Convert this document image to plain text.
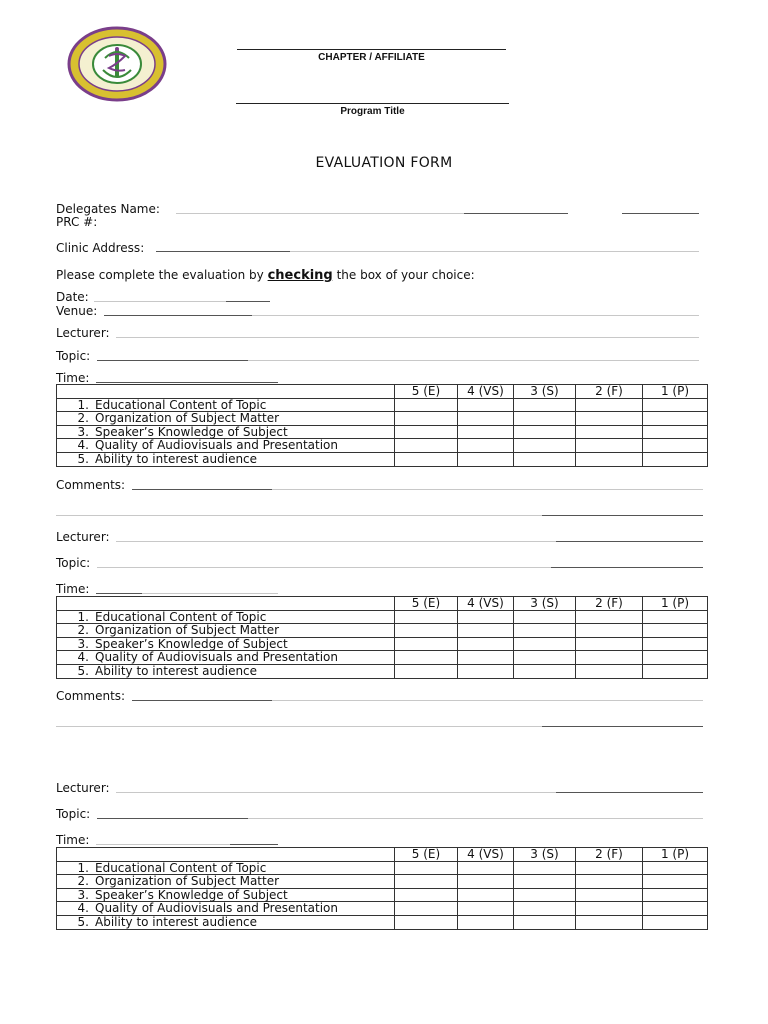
CHAPTER / AFFILIATE
Program Title
EVALUATION FORM
Delegates Name:
PRC #:
Clinic Address:
Please complete the evaluation by checking the box of your choice:
Date:
Venue:
Lecturer:
Topic:
Time:
	5 (E)	4 (VS)	3 (S)	2 (F)	1 (P)
1. Educational Content of Topic					
2. Organization of Subject Matter					
3. Speaker’s Knowledge of Subject					
4. Quality of Audiovisuals and Presentation					
5. Ability to interest audience					
Comments:
Lecturer:
Topic:
Time:
	5 (E)	4 (VS)	3 (S)	2 (F)	1 (P)
1. Educational Content of Topic					
2. Organization of Subject Matter					
3. Speaker’s Knowledge of Subject					
4. Quality of Audiovisuals and Presentation					
5. Ability to interest audience					
Comments:
Lecturer:
Topic:
Time:
	5 (E)	4 (VS)	3 (S)	2 (F)	1 (P)
1. Educational Content of Topic					
2. Organization of Subject Matter					
3. Speaker’s Knowledge of Subject					
4. Quality of Audiovisuals and Presentation					
5. Ability to interest audience					
